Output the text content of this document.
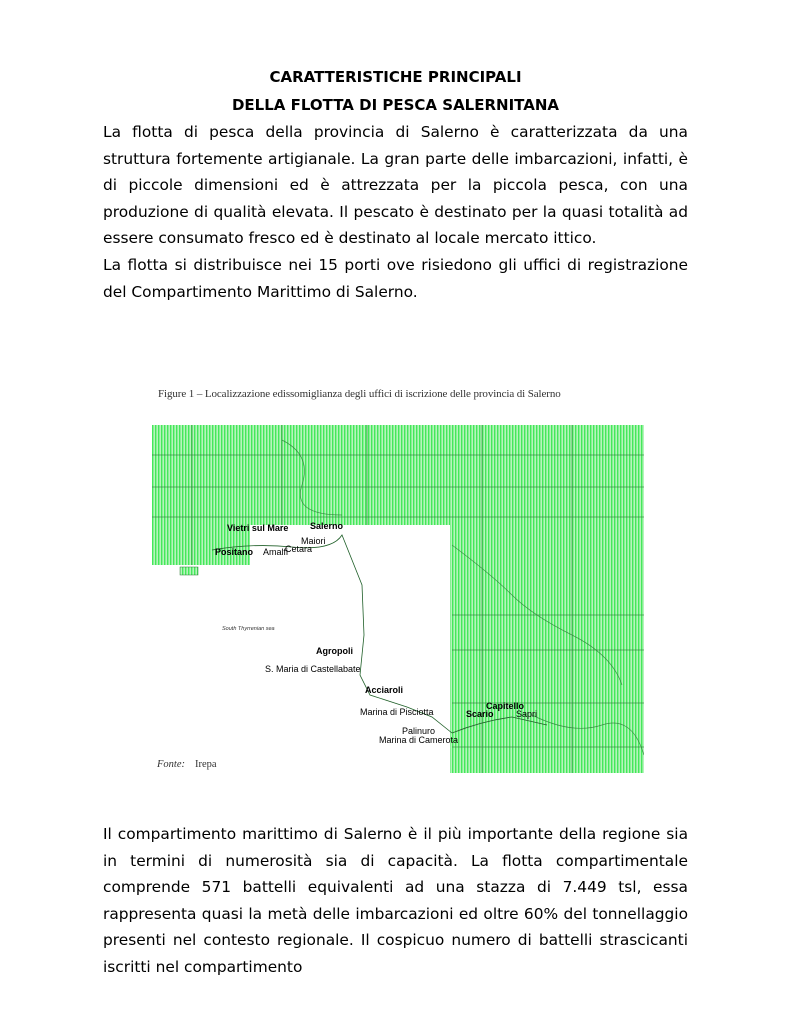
CARATTERISTICHE PRINCIPALI
DELLA FLOTTA DI PESCA SALERNITANA

La flotta di pesca della provincia di Salerno è caratterizzata da una struttura fortemente artigianale. La gran parte delle imbarcazioni, infatti, è di piccole dimensioni ed è attrezzata per la piccola pesca, con una produzione di qualità elevata. Il pescato è destinato per la quasi totalità ad essere consumato fresco ed è destinato al locale mercato ittico.

La flotta si distribuisce nei 15 porti ove risiedono gli uffici di registrazione del Compartimento Marittimo di Salerno.

Figure 1 – Localizzazione edissomiglianza degli uffici di iscrizione delle provincia di Salerno
South Thyrrenian sea
Vietri sul Mare Salerno
Maiori
Cetara
Positano Amalfi
Agropoli
S. Maria di Castellabate
Acciaroli
Marina di Pisciotta
Capitello
Scario Sapri
Palinuro
Marina di Camerota
Fonte: Irepa

Il compartimento marittimo di Salerno è il più importante della regione sia in termini di numerosità sia di capacità. La flotta compartimentale comprende 571 battelli equivalenti ad una stazza di 7.449 tsl, essa rappresenta quasi la metà delle imbarcazioni ed oltre 60% del tonnellaggio presenti nel contesto regionale. Il cospicuo numero di battelli strascicanti iscritti nel compartimento
